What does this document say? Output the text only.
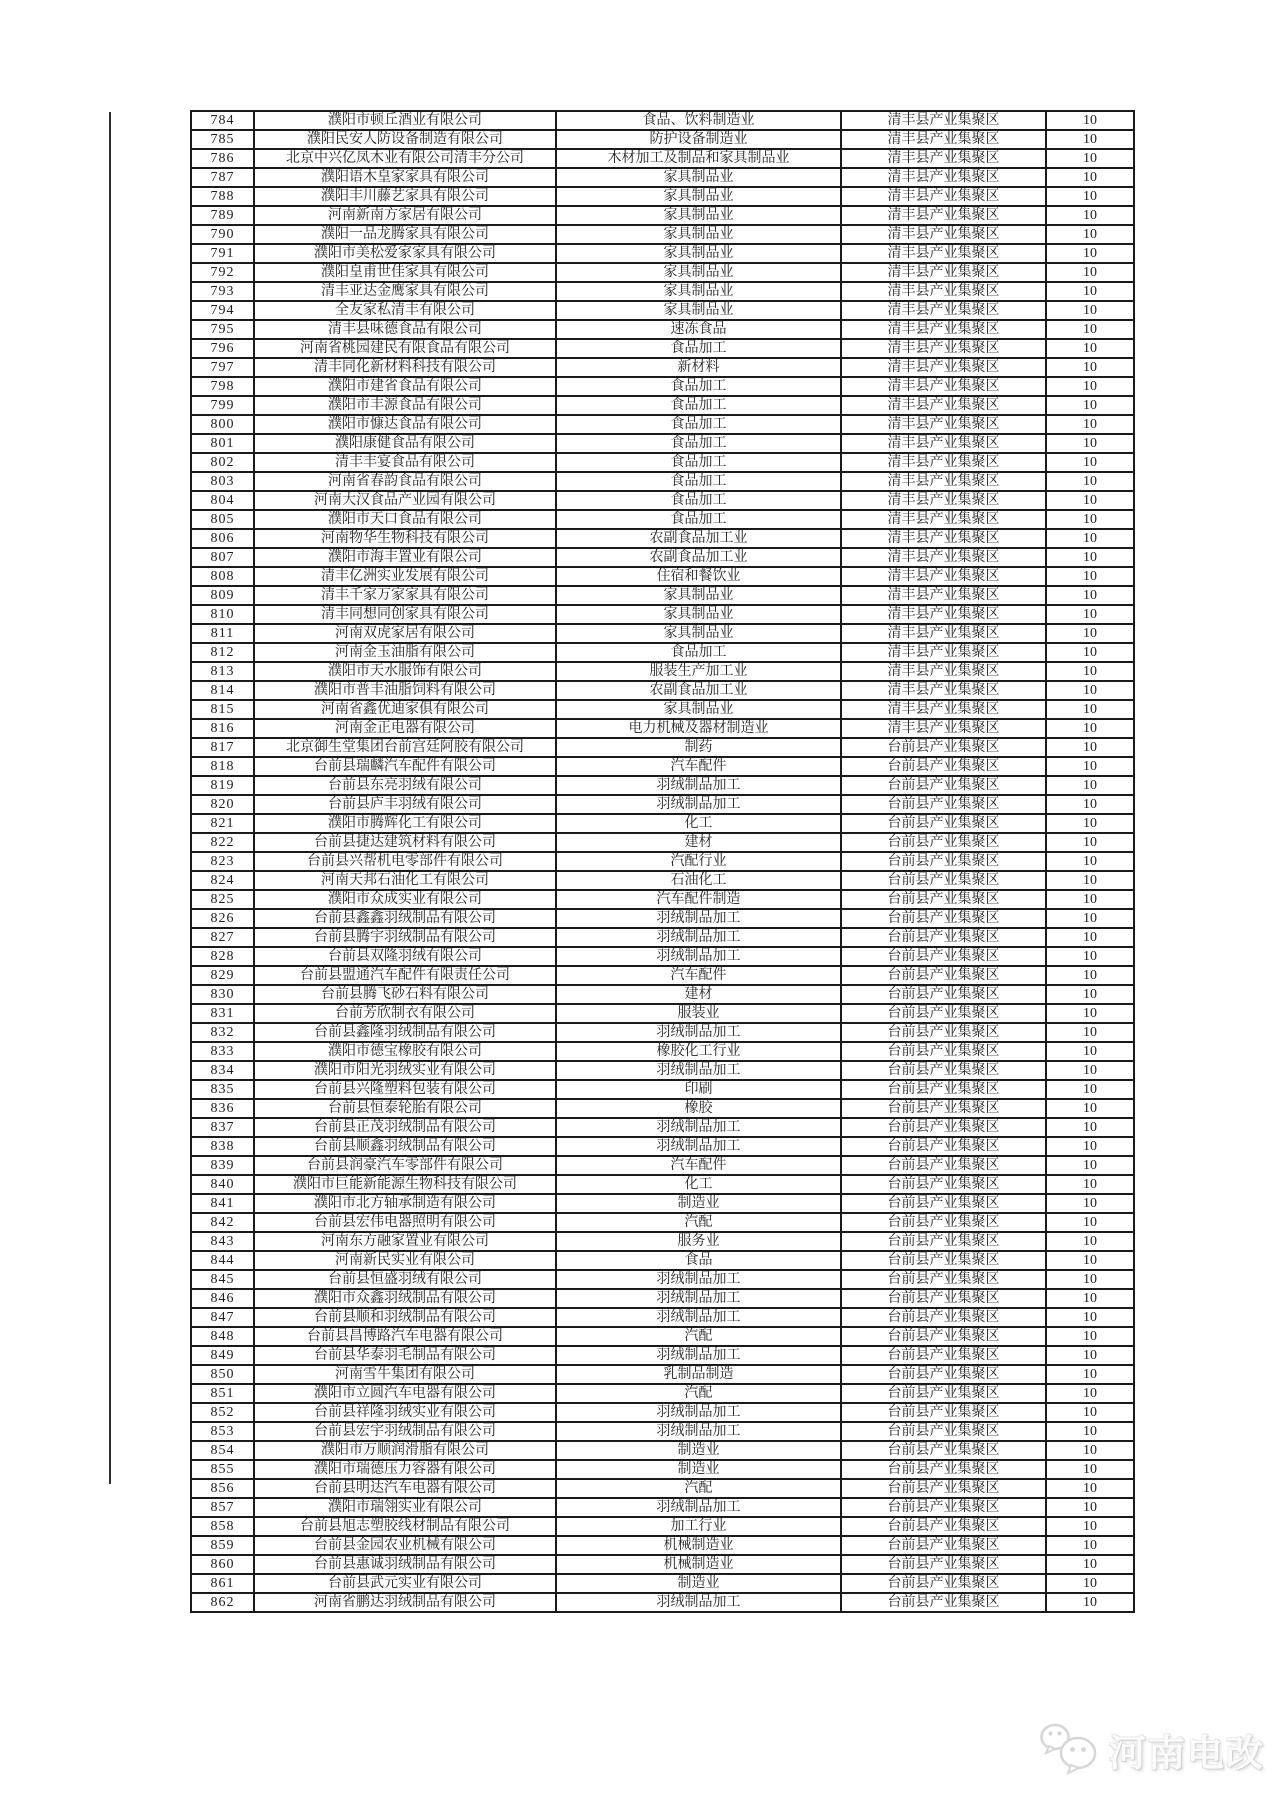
784	濮阳市顿丘酒业有限公司	食品、饮料制造业	清丰县产业集聚区	10
785	濮阳民安人防设备制造有限公司	防护设备制造业	清丰县产业集聚区	10
786	北京中兴亿凤木业有限公司清丰分公司	木材加工及制品和家具制品业	清丰县产业集聚区	10
787	濮阳语木皇家家具有限公司	家具制品业	清丰县产业集聚区	10
788	濮阳丰川藤艺家具有限公司	家具制品业	清丰县产业集聚区	10
789	河南新南方家居有限公司	家具制品业	清丰县产业集聚区	10
790	濮阳一品龙腾家具有限公司	家具制品业	清丰县产业集聚区	10
791	濮阳市美松爱家家具有限公司	家具制品业	清丰县产业集聚区	10
792	濮阳皇甫世佳家具有限公司	家具制品业	清丰县产业集聚区	10
793	清丰亚达金鹰家具有限公司	家具制品业	清丰县产业集聚区	10
794	全友家私清丰有限公司	家具制品业	清丰县产业集聚区	10
795	清丰县味德食品有限公司	速冻食品	清丰县产业集聚区	10
796	河南省桃园建民有限食品有限公司	食品加工	清丰县产业集聚区	10
797	清丰同化新材料科技有限公司	新材料	清丰县产业集聚区	10
798	濮阳市建省食品有限公司	食品加工	清丰县产业集聚区	10
799	濮阳市丰源食品有限公司	食品加工	清丰县产业集聚区	10
800	濮阳市慷达食品有限公司	食品加工	清丰县产业集聚区	10
801	濮阳康健食品有限公司	食品加工	清丰县产业集聚区	10
802	清丰丰宴食品有限公司	食品加工	清丰县产业集聚区	10
803	河南省春韵食品有限公司	食品加工	清丰县产业集聚区	10
804	河南大汉食品产业园有限公司	食品加工	清丰县产业集聚区	10
805	濮阳市天口食品有限公司	食品加工	清丰县产业集聚区	10
806	河南物华生物科技有限公司	农副食品加工业	清丰县产业集聚区	10
807	濮阳市海丰置业有限公司	农副食品加工业	清丰县产业集聚区	10
808	清丰亿洲实业发展有限公司	住宿和餐饮业	清丰县产业集聚区	10
809	清丰千家万家家具有限公司	家具制品业	清丰县产业集聚区	10
810	清丰同想同创家具有限公司	家具制品业	清丰县产业集聚区	10
811	河南双虎家居有限公司	家具制品业	清丰县产业集聚区	10
812	河南金玉油脂有限公司	食品加工	清丰县产业集聚区	10
813	濮阳市天水服饰有限公司	服装生产加工业	清丰县产业集聚区	10
814	濮阳市普丰油脂饲料有限公司	农副食品加工业	清丰县产业集聚区	10
815	河南省鑫优迪家俱有限公司	家具制品业	清丰县产业集聚区	10
816	河南金正电器有限公司	电力机械及器材制造业	清丰县产业集聚区	10
817	北京御生堂集团台前宫廷阿胶有限公司	制药	台前县产业集聚区	10
818	台前县瑞麟汽车配件有限公司	汽车配件	台前县产业集聚区	10
819	台前县东亮羽绒有限公司	羽绒制品加工	台前县产业集聚区	10
820	台前县庐丰羽绒有限公司	羽绒制品加工	台前县产业集聚区	10
821	濮阳市腾辉化工有限公司	化工	台前县产业集聚区	10
822	台前县捷达建筑材料有限公司	建材	台前县产业集聚区	10
823	台前县兴帮机电零部件有限公司	汽配行业	台前县产业集聚区	10
824	河南天邦石油化工有限公司	石油化工	台前县产业集聚区	10
825	濮阳市众成实业有限公司	汽车配件制造	台前县产业集聚区	10
826	台前县鑫鑫羽绒制品有限公司	羽绒制品加工	台前县产业集聚区	10
827	台前县腾宇羽绒制品有限公司	羽绒制品加工	台前县产业集聚区	10
828	台前县双隆羽绒有限公司	羽绒制品加工	台前县产业集聚区	10
829	台前县盟通汽车配件有限责任公司	汽车配件	台前县产业集聚区	10
830	台前县腾飞砂石料有限公司	建材	台前县产业集聚区	10
831	台前芳欣制衣有限公司	服装业	台前县产业集聚区	10
832	台前县鑫隆羽绒制品有限公司	羽绒制品加工	台前县产业集聚区	10
833	濮阳市德宝橡胶有限公司	橡胶化工行业	台前县产业集聚区	10
834	濮阳市阳光羽绒实业有限公司	羽绒制品加工	台前县产业集聚区	10
835	台前县兴隆塑料包装有限公司	印刷	台前县产业集聚区	10
836	台前县恒泰轮胎有限公司	橡胶	台前县产业集聚区	10
837	台前县正茂羽绒制品有限公司	羽绒制品加工	台前县产业集聚区	10
838	台前县顺鑫羽绒制品有限公司	羽绒制品加工	台前县产业集聚区	10
839	台前县润豪汽车零部件有限公司	汽车配件	台前县产业集聚区	10
840	濮阳市巨能新能源生物科技有限公司	化工	台前县产业集聚区	10
841	濮阳市北方轴承制造有限公司	制造业	台前县产业集聚区	10
842	台前县宏伟电器照明有限公司	汽配	台前县产业集聚区	10
843	河南东方融家置业有限公司	服务业	台前县产业集聚区	10
844	河南新民实业有限公司	食品	台前县产业集聚区	10
845	台前县恒盛羽绒有限公司	羽绒制品加工	台前县产业集聚区	10
846	濮阳市众鑫羽绒制品有限公司	羽绒制品加工	台前县产业集聚区	10
847	台前县顺和羽绒制品有限公司	羽绒制品加工	台前县产业集聚区	10
848	台前县昌博路汽车电器有限公司	汽配	台前县产业集聚区	10
849	台前县华泰羽毛制品有限公司	羽绒制品加工	台前县产业集聚区	10
850	河南雪牛集团有限公司	乳制品制造	台前县产业集聚区	10
851	濮阳市立圆汽车电器有限公司	汽配	台前县产业集聚区	10
852	台前县祥隆羽绒实业有限公司	羽绒制品加工	台前县产业集聚区	10
853	台前县宏宇羽绒制品有限公司	羽绒制品加工	台前县产业集聚区	10
854	濮阳市万顺润滑脂有限公司	制造业	台前县产业集聚区	10
855	濮阳市瑞德压力容器有限公司	制造业	台前县产业集聚区	10
856	台前县明达汽车电器有限公司	汽配	台前县产业集聚区	10
857	濮阳市瑞翎实业有限公司	羽绒制品加工	台前县产业集聚区	10
858	台前县旭志塑胶线材制品有限公司	加工行业	台前县产业集聚区	10
859	台前县金园农业机械有限公司	机械制造业	台前县产业集聚区	10
860	台前县惠诚羽绒制品有限公司	机械制造业	台前县产业集聚区	10
861	台前县武元实业有限公司	制造业	台前县产业集聚区	10
862	河南省鹏达羽绒制品有限公司	羽绒制品加工	台前县产业集聚区	10
河南电改
